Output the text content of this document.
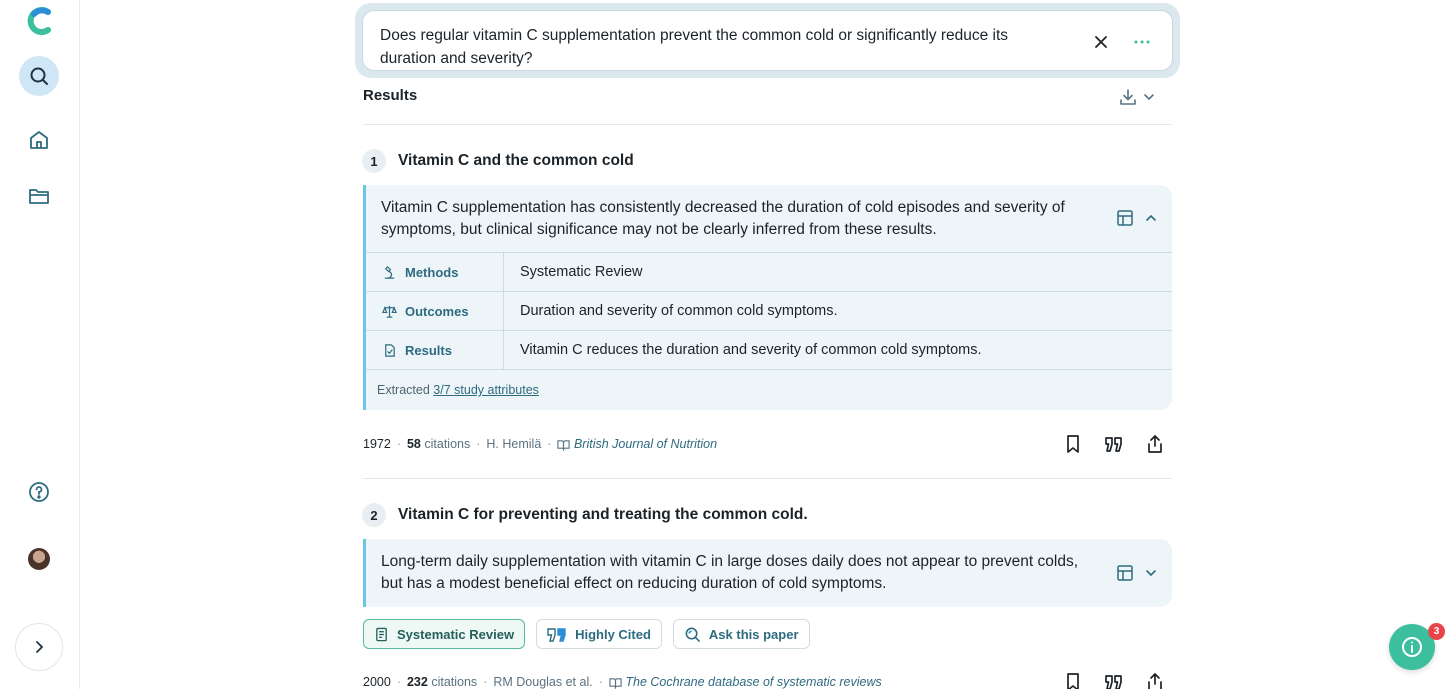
Does regular vitamin C supplementation prevent the common cold or significantly reduce its duration and severity?
Results
1	Vitamin C and the common cold
Vitamin C supplementation has consistently decreased the duration of cold episodes and severity of symptoms, but clinical significance may not be clearly inferred from these results.
Methods	Systematic Review
Outcomes	Duration and severity of common cold symptoms.
Results	Vitamin C reduces the duration and severity of common cold symptoms.
Extracted 3/7 study attributes
1972 · 58
citations · H. Hemilä ·
British Journal of Nutrition
2	Vitamin C for preventing and treating the common cold.
Long-term daily supplementation with vitamin C in large doses daily does not appear to prevent colds, but has a modest beneficial effect on reducing duration of cold symptoms.
Systematic Review	Highly Cited	Ask this paper
2000 · 232
citations · RM Douglas et al. ·
The Cochrane database of systematic reviews
3
